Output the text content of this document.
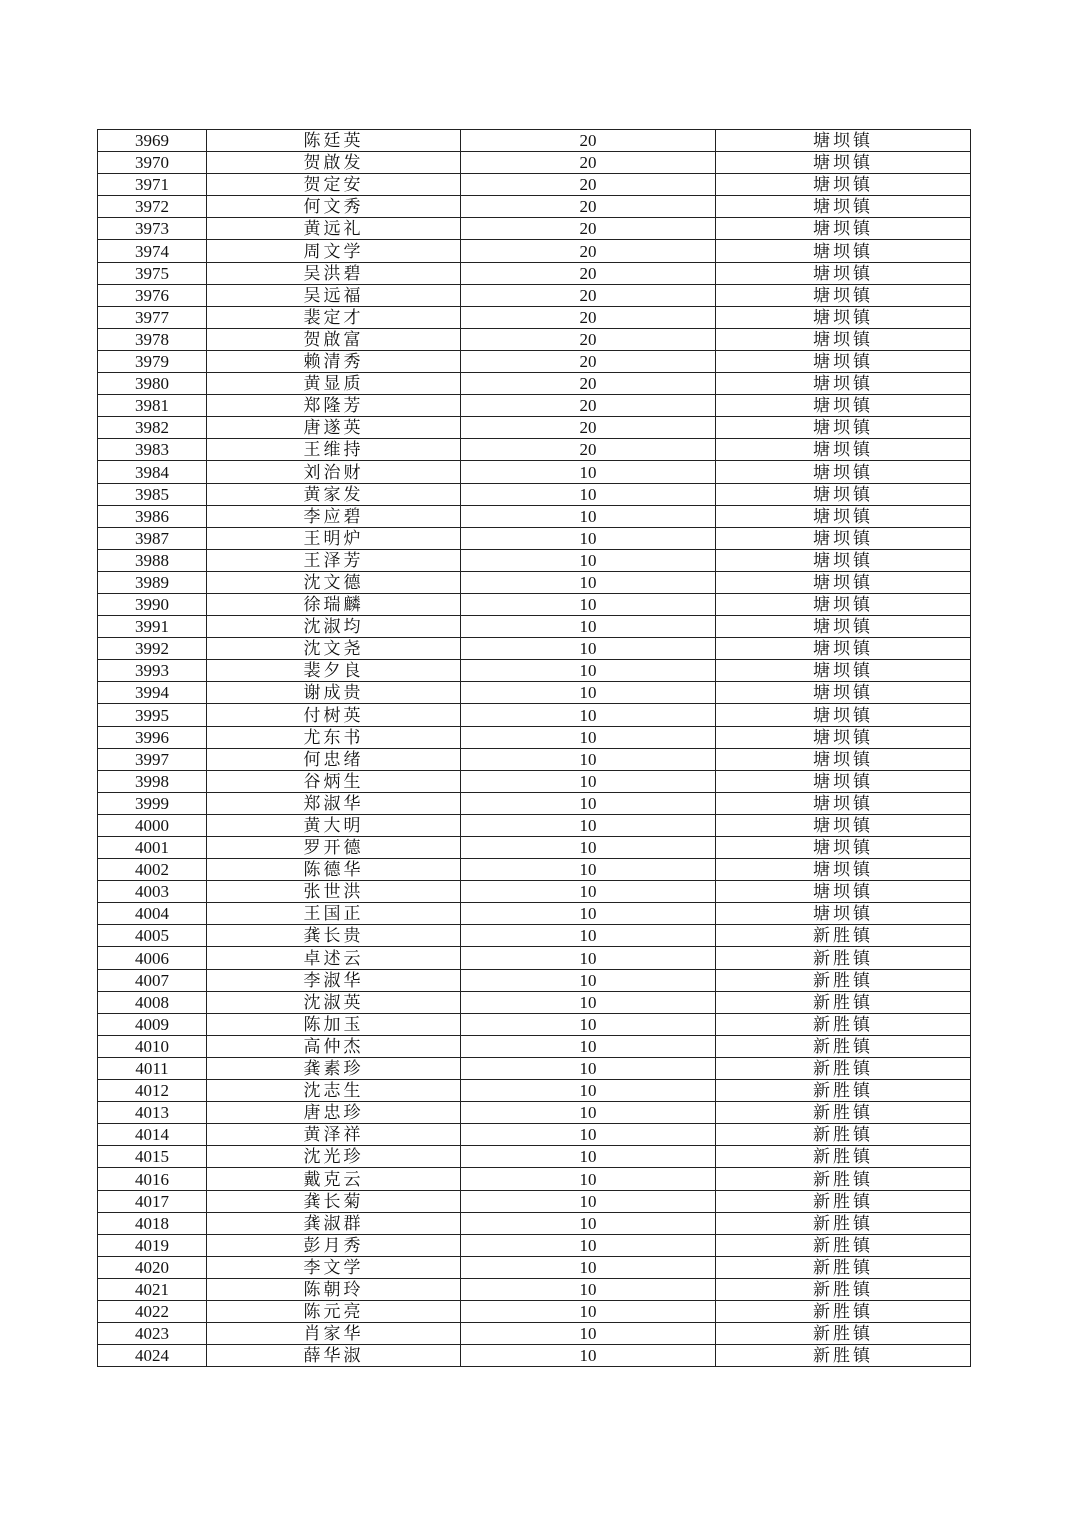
3969	陈廷英	20	塘坝镇
3970	贺啟发	20	塘坝镇
3971	贺定安	20	塘坝镇
3972	何文秀	20	塘坝镇
3973	黄远礼	20	塘坝镇
3974	周文学	20	塘坝镇
3975	吴洪碧	20	塘坝镇
3976	吴远福	20	塘坝镇
3977	裴定才	20	塘坝镇
3978	贺啟富	20	塘坝镇
3979	赖清秀	20	塘坝镇
3980	黄显质	20	塘坝镇
3981	郑隆芳	20	塘坝镇
3982	唐遂英	20	塘坝镇
3983	王维持	20	塘坝镇
3984	刘治财	10	塘坝镇
3985	黄家发	10	塘坝镇
3986	李应碧	10	塘坝镇
3987	王明炉	10	塘坝镇
3988	王泽芳	10	塘坝镇
3989	沈文德	10	塘坝镇
3990	徐瑞麟	10	塘坝镇
3991	沈淑均	10	塘坝镇
3992	沈文尧	10	塘坝镇
3993	裴夕良	10	塘坝镇
3994	谢成贵	10	塘坝镇
3995	付树英	10	塘坝镇
3996	尤东书	10	塘坝镇
3997	何忠绪	10	塘坝镇
3998	谷炳生	10	塘坝镇
3999	郑淑华	10	塘坝镇
4000	黄大明	10	塘坝镇
4001	罗开德	10	塘坝镇
4002	陈德华	10	塘坝镇
4003	张世洪	10	塘坝镇
4004	王国正	10	塘坝镇
4005	龚长贵	10	新胜镇
4006	卓述云	10	新胜镇
4007	李淑华	10	新胜镇
4008	沈淑英	10	新胜镇
4009	陈加玉	10	新胜镇
4010	高仲杰	10	新胜镇
4011	龚素珍	10	新胜镇
4012	沈志生	10	新胜镇
4013	唐忠珍	10	新胜镇
4014	黄泽祥	10	新胜镇
4015	沈光珍	10	新胜镇
4016	戴克云	10	新胜镇
4017	龚长菊	10	新胜镇
4018	龚淑群	10	新胜镇
4019	彭月秀	10	新胜镇
4020	李文学	10	新胜镇
4021	陈朝玲	10	新胜镇
4022	陈元亮	10	新胜镇
4023	肖家华	10	新胜镇
4024	薛华淑	10	新胜镇
